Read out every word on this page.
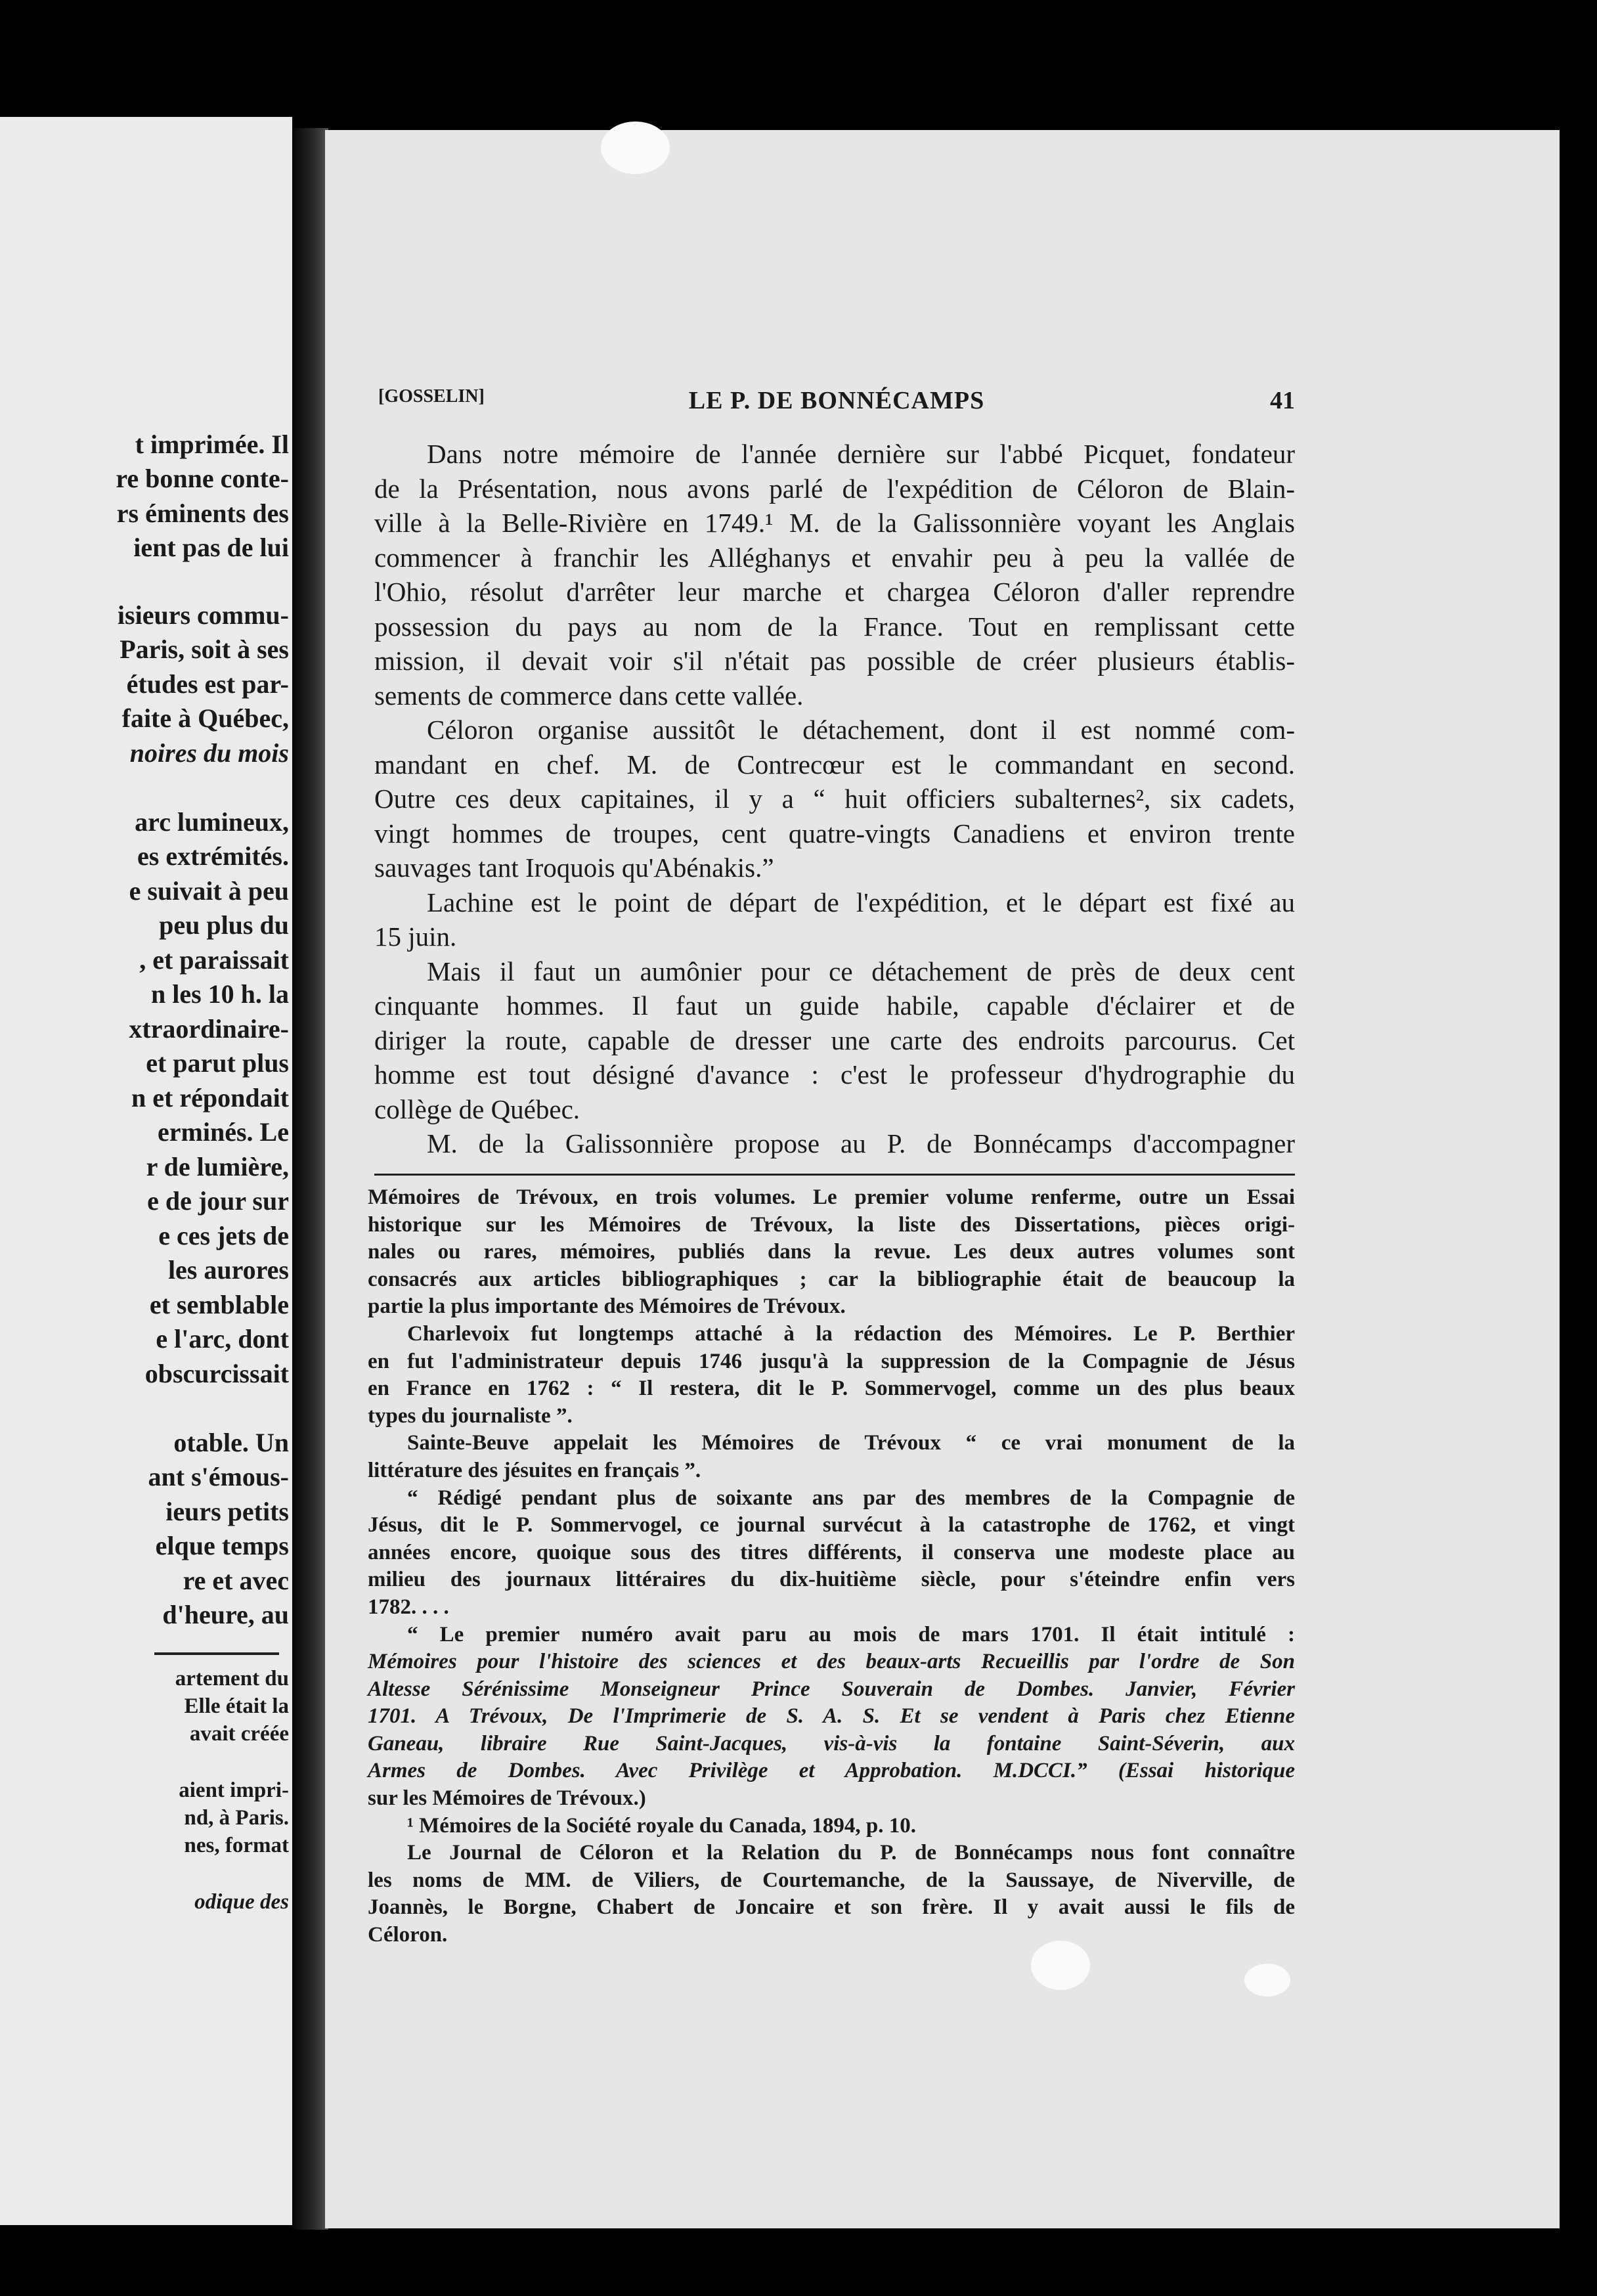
t imprimée. Il
re bonne conte-
rs éminents des
ient pas de lui
isieurs commu-
Paris, soit à ses
études est par-
faite à Québec,
noires du mois
arc lumineux,
es extrémités.
e suivait à peu
peu plus du
, et paraissait
n les 10 h. la
xtraordinaire-
et parut plus
n et répondait
erminés. Le
r de lumière,
e de jour sur
e ces jets de
les aurores
et semblable
e l'arc, dont
obscurcissait
otable. Un
ant s'émous-
ieurs petits
elque temps
re et avec
d'heure, au
artement du
Elle était la
avait créée
aient impri-
nd, à Paris.
nes, format
odique des
[GOSSELIN]	LE P. DE BONNÉCAMPS	41
Dans notre mémoire de l'année dernière sur l'abbé Picquet, fondateur
de la Présentation, nous avons parlé de l'expédition de Céloron de Blain-
ville à la Belle-Rivière en 1749.¹ M. de la Galissonnière voyant les Anglais
commencer à franchir les Alléghanys et envahir peu à peu la vallée de
l'Ohio, résolut d'arrêter leur marche et chargea Céloron d'aller reprendre
possession du pays au nom de la France. Tout en remplissant cette
mission, il devait voir s'il n'était pas possible de créer plusieurs établis-
sements de commerce dans cette vallée.
Céloron organise aussitôt le détachement, dont il est nommé com-
mandant en chef. M. de Contrecœur est le commandant en second.
Outre ces deux capitaines, il y a “ huit officiers subalternes², six cadets,
vingt hommes de troupes, cent quatre-vingts Canadiens et environ trente
sauvages tant Iroquois qu'Abénakis.”
Lachine est le point de départ de l'expédition, et le départ est fixé au
15 juin.
Mais il faut un aumônier pour ce détachement de près de deux cent
cinquante hommes. Il faut un guide habile, capable d'éclairer et de
diriger la route, capable de dresser une carte des endroits parcourus. Cet
homme est tout désigné d'avance : c'est le professeur d'hydrographie du
collège de Québec.
M. de la Galissonnière propose au P. de Bonnécamps d'accompagner
Mémoires de Trévoux, en trois volumes. Le premier volume renferme, outre un Essai
historique sur les Mémoires de Trévoux, la liste des Dissertations, pièces origi-
nales ou rares, mémoires, publiés dans la revue. Les deux autres volumes sont
consacrés aux articles bibliographiques ; car la bibliographie était de beaucoup la
partie la plus importante des Mémoires de Trévoux.
Charlevoix fut longtemps attaché à la rédaction des Mémoires. Le P. Berthier
en fut l'administrateur depuis 1746 jusqu'à la suppression de la Compagnie de Jésus
en France en 1762 : “ Il restera, dit le P. Sommervogel, comme un des plus beaux
types du journaliste ”.
Sainte-Beuve appelait les Mémoires de Trévoux “ ce vrai monument de la
littérature des jésuites en français ”.
“ Rédigé pendant plus de soixante ans par des membres de la Compagnie de
Jésus, dit le P. Sommervogel, ce journal survécut à la catastrophe de 1762, et vingt
années encore, quoique sous des titres différents, il conserva une modeste place au
milieu des journaux littéraires du dix-huitième siècle, pour s'éteindre enfin vers
1782. . . .
“ Le premier numéro avait paru au mois de mars 1701. Il était intitulé :
Mémoires pour l'histoire des sciences et des beaux-arts Recueillis par l'ordre de Son
Altesse Sérénissime Monseigneur Prince Souverain de Dombes. Janvier, Février
1701. A Trévoux, De l'Imprimerie de S. A. S. Et se vendent à Paris chez Etienne
Ganeau, libraire Rue Saint-Jacques, vis-à-vis la fontaine Saint-Séverin, aux
Armes de Dombes. Avec Privilège et Approbation. M.DCCI.” (Essai historique
sur les Mémoires de Trévoux.)
¹ Mémoires de la Société royale du Canada, 1894, p. 10.
Le Journal de Céloron et la Relation du P. de Bonnécamps nous font connaître
les noms de MM. de Viliers, de Courtemanche, de la Saussaye, de Niverville, de
Joannès, le Borgne, Chabert de Joncaire et son frère. Il y avait aussi le fils de
Céloron.
